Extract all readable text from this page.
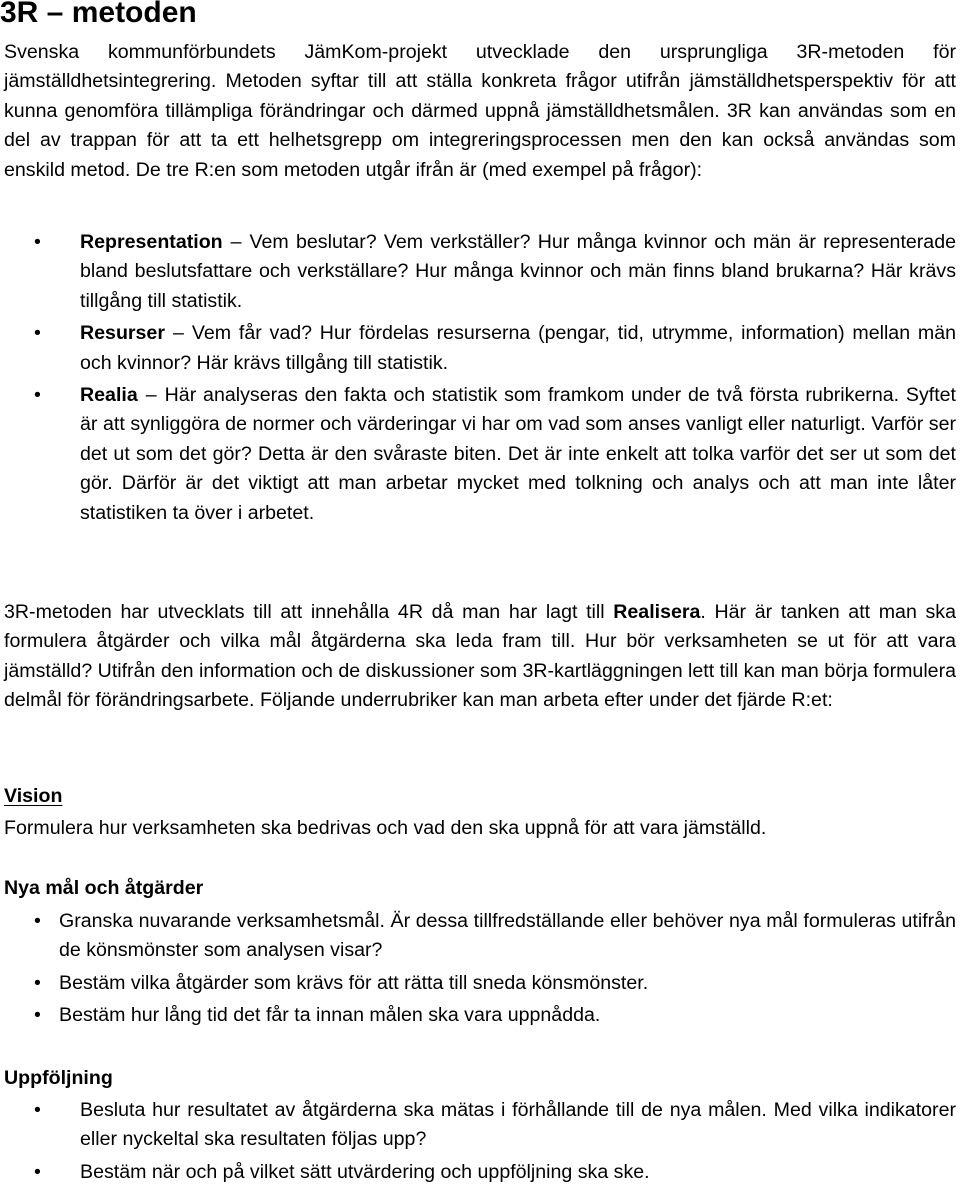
3R – metoden

Svenska kommunförbundets JämKom-projekt utvecklade den ursprungliga 3R-metoden för jämställdhetsintegrering. Metoden syftar till att ställa konkreta frågor utifrån jämställdhetsperspektiv för att kunna genomföra tillämpliga förändringar och därmed uppnå jämställdhetsmålen. 3R kan användas som en del av trappan för att ta ett helhetsgrepp om integreringsprocessen men den kan också användas som enskild metod. De tre R:en som metoden utgår ifrån är (med exempel på frågor):

• Representation – Vem beslutar? Vem verkställer? Hur många kvinnor och män är representerade bland beslutsfattare och verkställare? Hur många kvinnor och män finns bland brukarna? Här krävs tillgång till statistik.
• Resurser – Vem får vad? Hur fördelas resurserna (pengar, tid, utrymme, information) mellan män och kvinnor? Här krävs tillgång till statistik.
• Realia – Här analyseras den fakta och statistik som framkom under de två första rubrikerna. Syftet är att synliggöra de normer och värderingar vi har om vad som anses vanligt eller naturligt. Varför ser det ut som det gör? Detta är den svåraste biten. Det är inte enkelt att tolka varför det ser ut som det gör. Därför är det viktigt att man arbetar mycket med tolkning och analys och att man inte låter statistiken ta över i arbetet.

3R-metoden har utvecklats till att innehålla 4R då man har lagt till Realisera. Här är tanken att man ska formulera åtgärder och vilka mål åtgärderna ska leda fram till. Hur bör verksamheten se ut för att vara jämställd? Utifrån den information och de diskussioner som 3R-kartläggningen lett till kan man börja formulera delmål för förändringsarbete. Följande underrubriker kan man arbeta efter under det fjärde R:et:

Vision

Formulera hur verksamheten ska bedrivas och vad den ska uppnå för att vara jämställd.

Nya mål och åtgärder
• Granska nuvarande verksamhetsmål. Är dessa tillfredställande eller behöver nya mål formuleras utifrån de könsmönster som analysen visar?
• Bestäm vilka åtgärder som krävs för att rätta till sneda könsmönster.
• Bestäm hur lång tid det får ta innan målen ska vara uppnådda.
Uppföljning
• Besluta hur resultatet av åtgärderna ska mätas i förhållande till de nya målen. Med vilka indikatorer eller nyckeltal ska resultaten följas upp?
• Bestäm när och på vilket sätt utvärdering och uppföljning ska ske.
